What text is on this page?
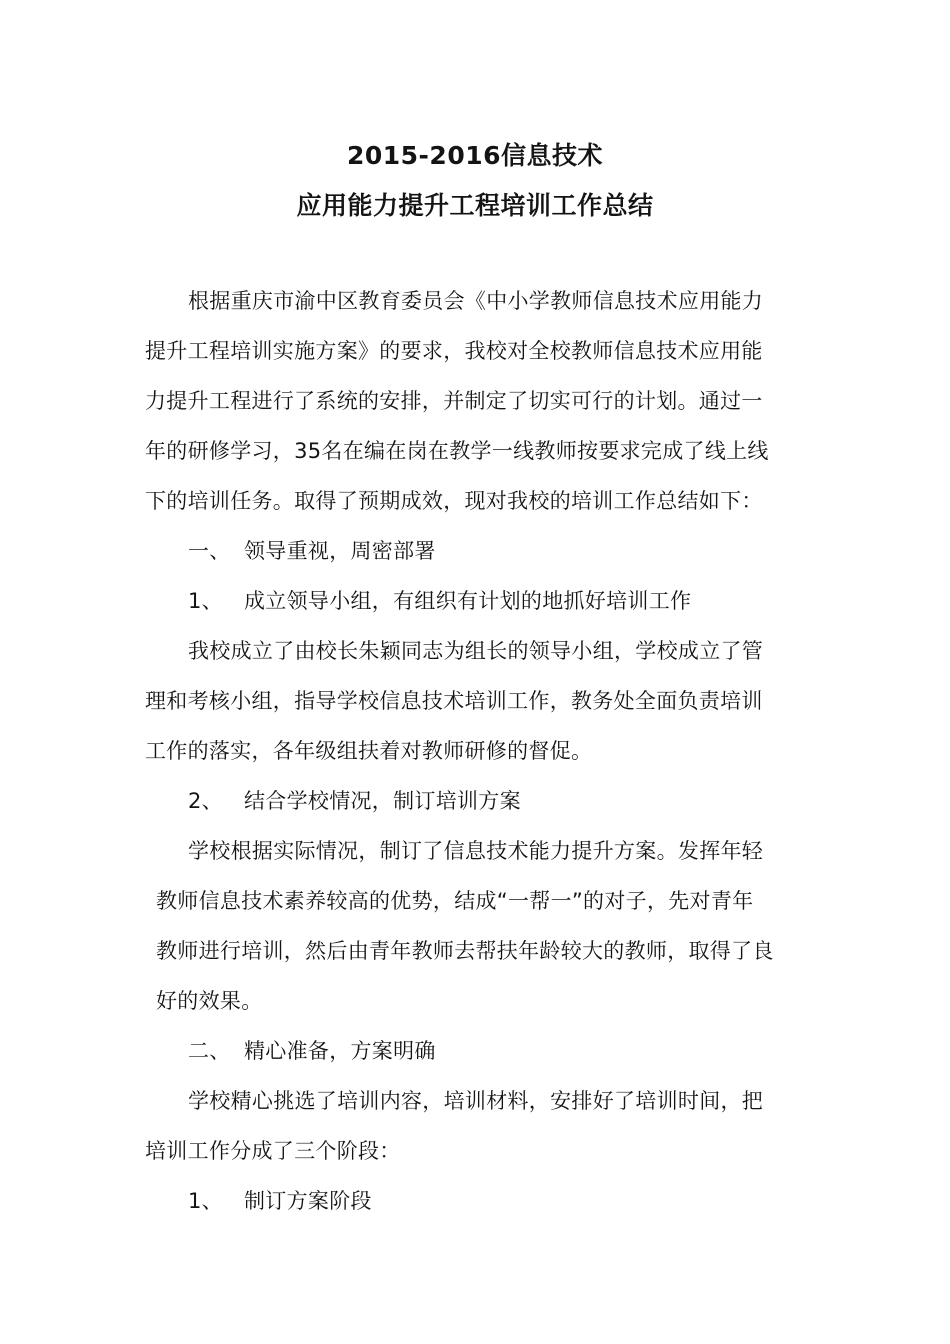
2015-2016信息技术
应用能力提升工程培训工作总结
根据重庆市渝中区教育委员会《中小学教师信息技术应用能力
提升工程培训实施方案》的要求，我校对全校教师信息技术应用能
力提升工程进行了系统的安排，并制定了切实可行的计划。通过一
年的研修学习，35名在编在岗在教学一线教师按要求完成了线上线
下的培训任务。取得了预期成效，现对我校的培训工作总结如下：
一、 领导重视，周密部署
1、 成立领导小组，有组织有计划的地抓好培训工作
我校成立了由校长朱颖同志为组长的领导小组，学校成立了管
理和考核小组，指导学校信息技术培训工作，教务处全面负责培训
工作的落实，各年级组扶着对教师研修的督促。
2、 结合学校情况，制订培训方案
学校根据实际情况，制订了信息技术能力提升方案。发挥年轻
教师信息技术素养较高的优势，结成“一帮一”的对子，先对青年
教师进行培训，然后由青年教师去帮扶年龄较大的教师，取得了良
好的效果。
二、 精心准备，方案明确
学校精心挑选了培训内容，培训材料，安排好了培训时间，把
培训工作分成了三个阶段：
1、 制订方案阶段
